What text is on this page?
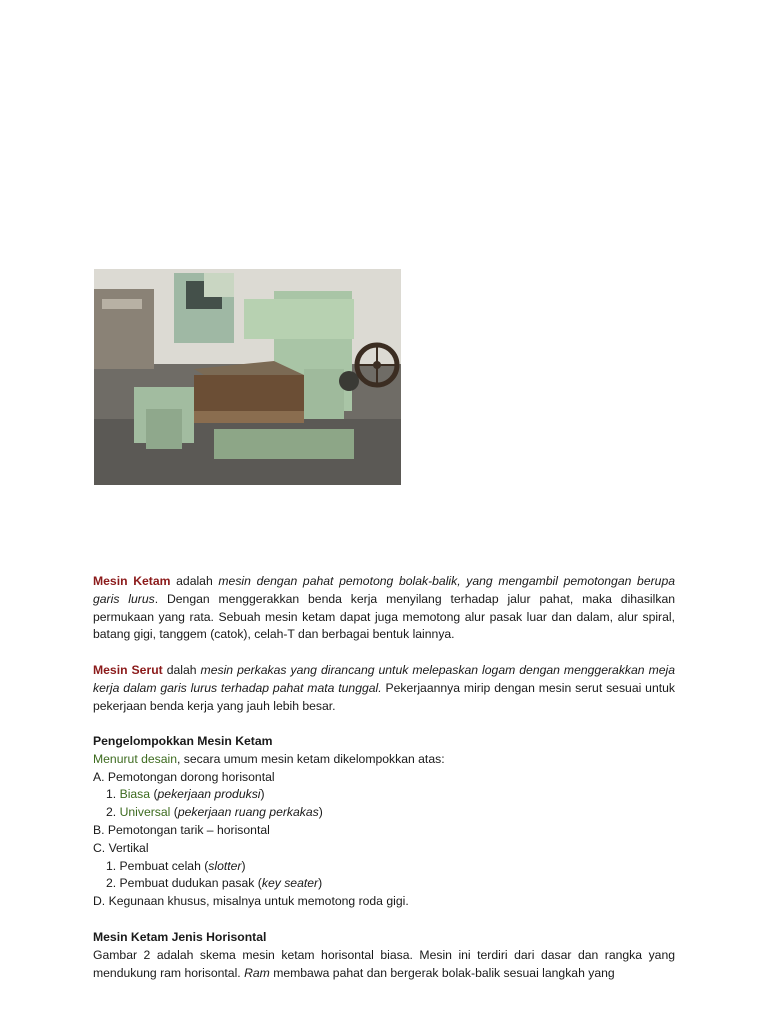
Mesin Ketam adalah mesin dengan pahat pemotong bolak-balik, yang mengambil pemotongan berupa garis lurus. Dengan menggerakkan benda kerja menyilang terhadap jalur pahat, maka dihasilkan permukaan yang rata. Sebuah mesin ketam dapat juga memotong alur pasak luar dan dalam, alur spiral, batang gigi, tanggem (catok), celah-T dan berbagai bentuk lainnya.

Mesin Serut dalah mesin perkakas yang dirancang untuk melepaskan logam dengan menggerakkan meja kerja dalam garis lurus terhadap pahat mata tunggal. Pekerjaannya mirip dengan mesin serut sesuai untuk pekerjaan benda kerja yang jauh lebih besar.

Pengelompokkan Mesin Ketam

Menurut desain, secara umum mesin ketam dikelompokkan atas:

A. Pemotongan dorong horisontal

1. Biasa (pekerjaan produksi)

2. Universal (pekerjaan ruang perkakas)

B. Pemotongan tarik – horisontal

C. Vertikal

1. Pembuat celah (slotter)

2. Pembuat dudukan pasak (key seater)

D. Kegunaan khusus, misalnya untuk memotong roda gigi.

Mesin Ketam Jenis Horisontal

Gambar 2 adalah skema mesin ketam horisontal biasa. Mesin ini terdiri dari dasar dan rangka yang mendukung ram horisontal. Ram membawa pahat dan bergerak bolak-balik sesuai langkah yang
